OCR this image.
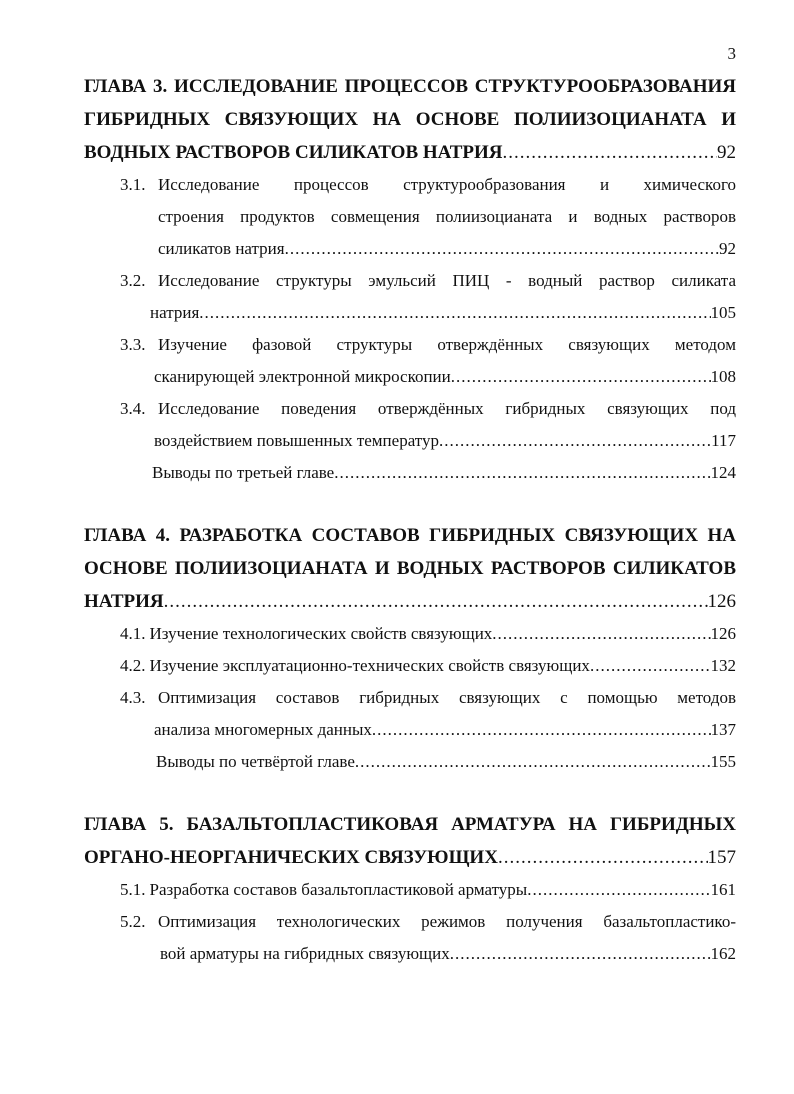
3
ГЛАВА 3. ИССЛЕДОВАНИЕ ПРОЦЕССОВ СТРУКТУРООБРАЗОВАНИЯ
ГИБРИДНЫХ СВЯЗУЮЩИХ НА ОСНОВЕ ПОЛИИЗОЦИАНАТА И
ВОДНЫХ РАСТВОРОВ СИЛИКАТОВ НАТРИЯ .....	92
3.1. Исследование процессов структурообразования и химического
строения продуктов совмещения полиизоцианата и водных растворов
силикатов натрия .....	92
3.2. Исследование структуры эмульсий ПИЦ - водный раствор силиката
натрия .....	105
3.3. Изучение фазовой структуры отверждённых связующих методом
сканирующей электронной микроскопии .....	108
3.4. Исследование поведения отверждённых гибридных связующих под
воздействием повышенных температур .....	117
Выводы по третьей главе .....	124
ГЛАВА 4. РАЗРАБОТКА СОСТАВОВ ГИБРИДНЫХ СВЯЗУЮЩИХ НА
ОСНОВЕ ПОЛИИЗОЦИАНАТА И ВОДНЫХ РАСТВОРОВ СИЛИКАТОВ
НАТРИЯ .....	126
4.1. Изучение технологических свойств связующих .....	126
4.2. Изучение эксплуатационно-технических свойств связующих .....	132
4.3. Оптимизация составов гибридных связующих с помощью методов
анализа многомерных данных .....	137
Выводы по четвёртой главе .....	155
ГЛАВА 5. БАЗАЛЬТОПЛАСТИКОВАЯ АРМАТУРА НА ГИБРИДНЫХ
ОРГАНО-НЕОРГАНИЧЕСКИХ СВЯЗУЮЩИХ .....	157
5.1. Разработка составов базальтопластиковой арматуры .....	161
5.2. Оптимизация технологических режимов получения базальтопластико-
вой арматуры на гибридных связующих .....	162
